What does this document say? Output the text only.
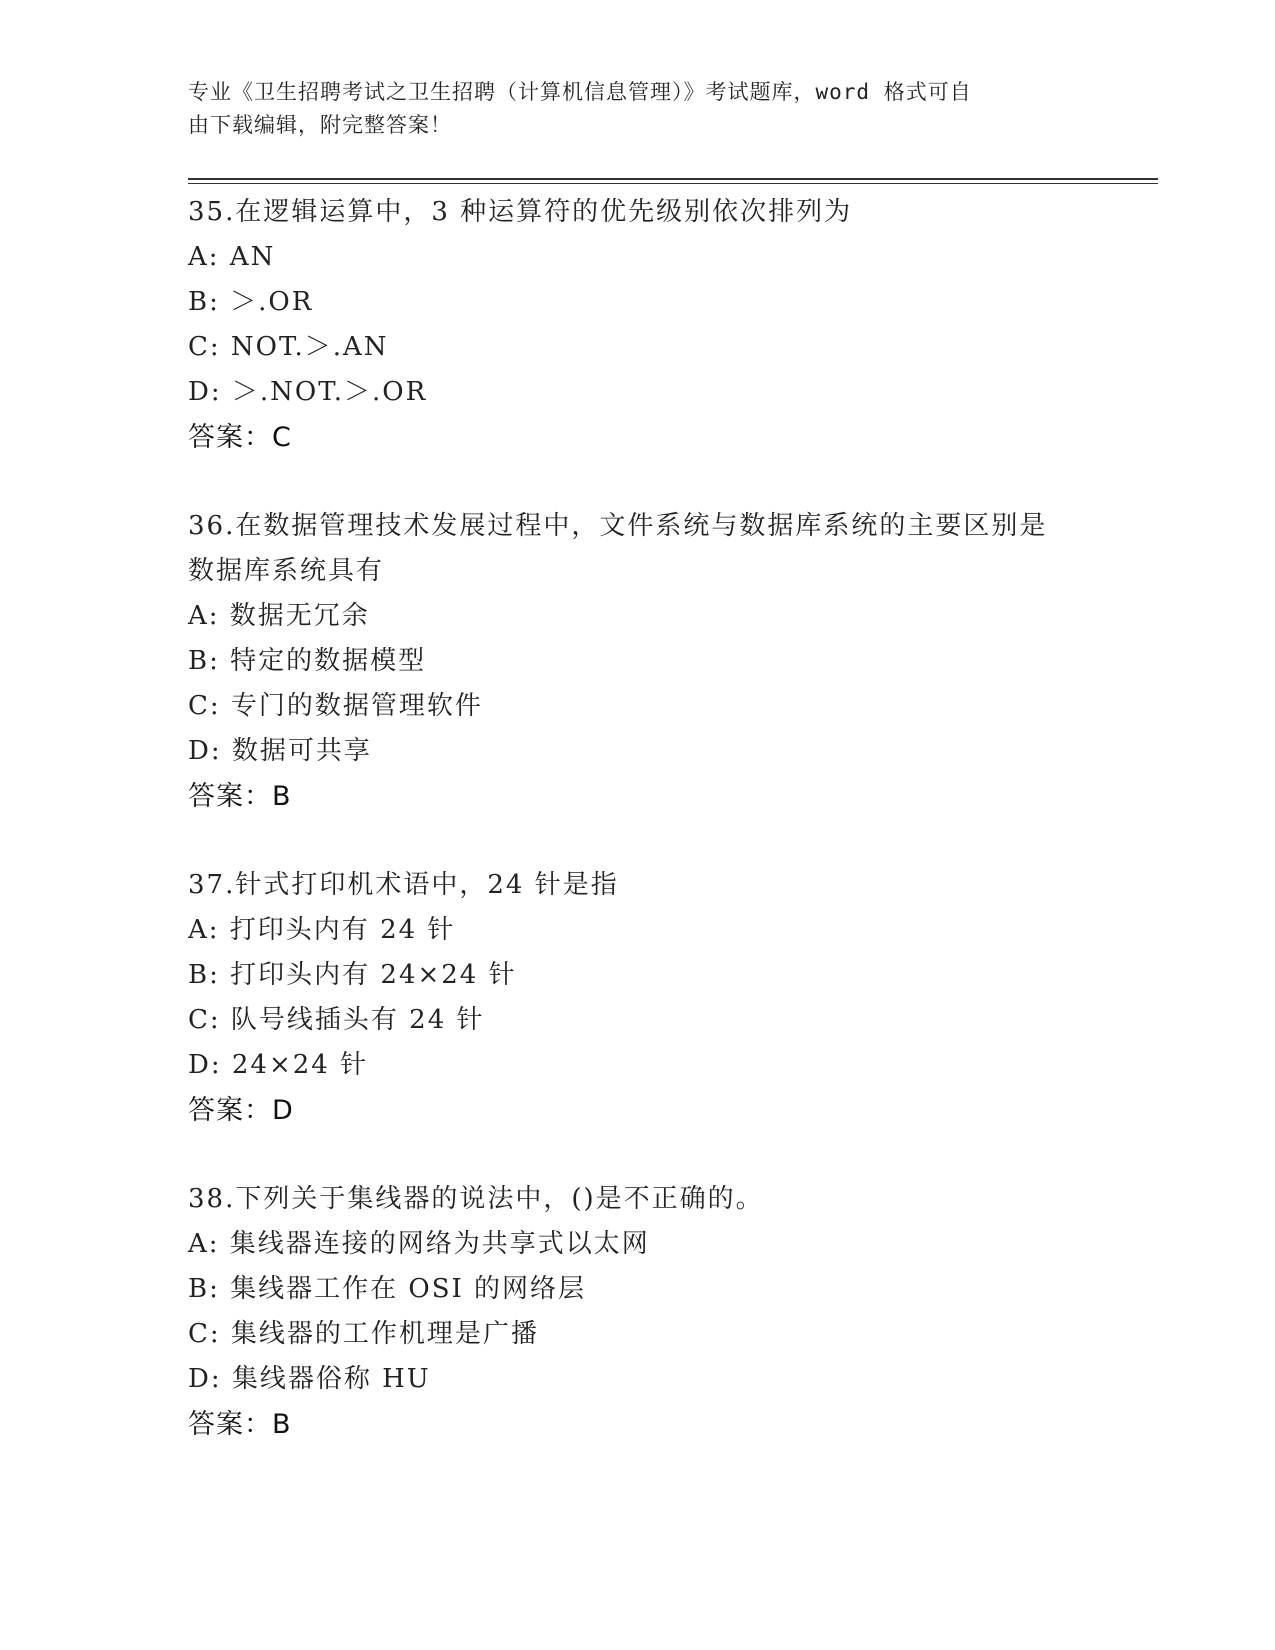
专业《卫生招聘考试之卫生招聘（计算机信息管理）》考试题库，word 格式可自
由下载编辑，附完整答案！
35.在逻辑运算中，3 种运算符的优先级别依次排列为
A: AN
B: ＞.OR
C: NOT.＞.AN
D: ＞.NOT.＞.OR
答案：C
36.在数据管理技术发展过程中，文件系统与数据库系统的主要区别是
数据库系统具有
A: 数据无冗余
B: 特定的数据模型
C: 专门的数据管理软件
D: 数据可共享
答案：B
37.针式打印机术语中，24 针是指
A: 打印头内有 24 针
B: 打印头内有 24×24 针
C: 队号线插头有 24 针
D: 24×24 针
答案：D
38.下列关于集线器的说法中，()是不正确的。
A: 集线器连接的网络为共享式以太网
B: 集线器工作在 OSI 的网络层
C: 集线器的工作机理是广播
D: 集线器俗称 HU
答案：B
